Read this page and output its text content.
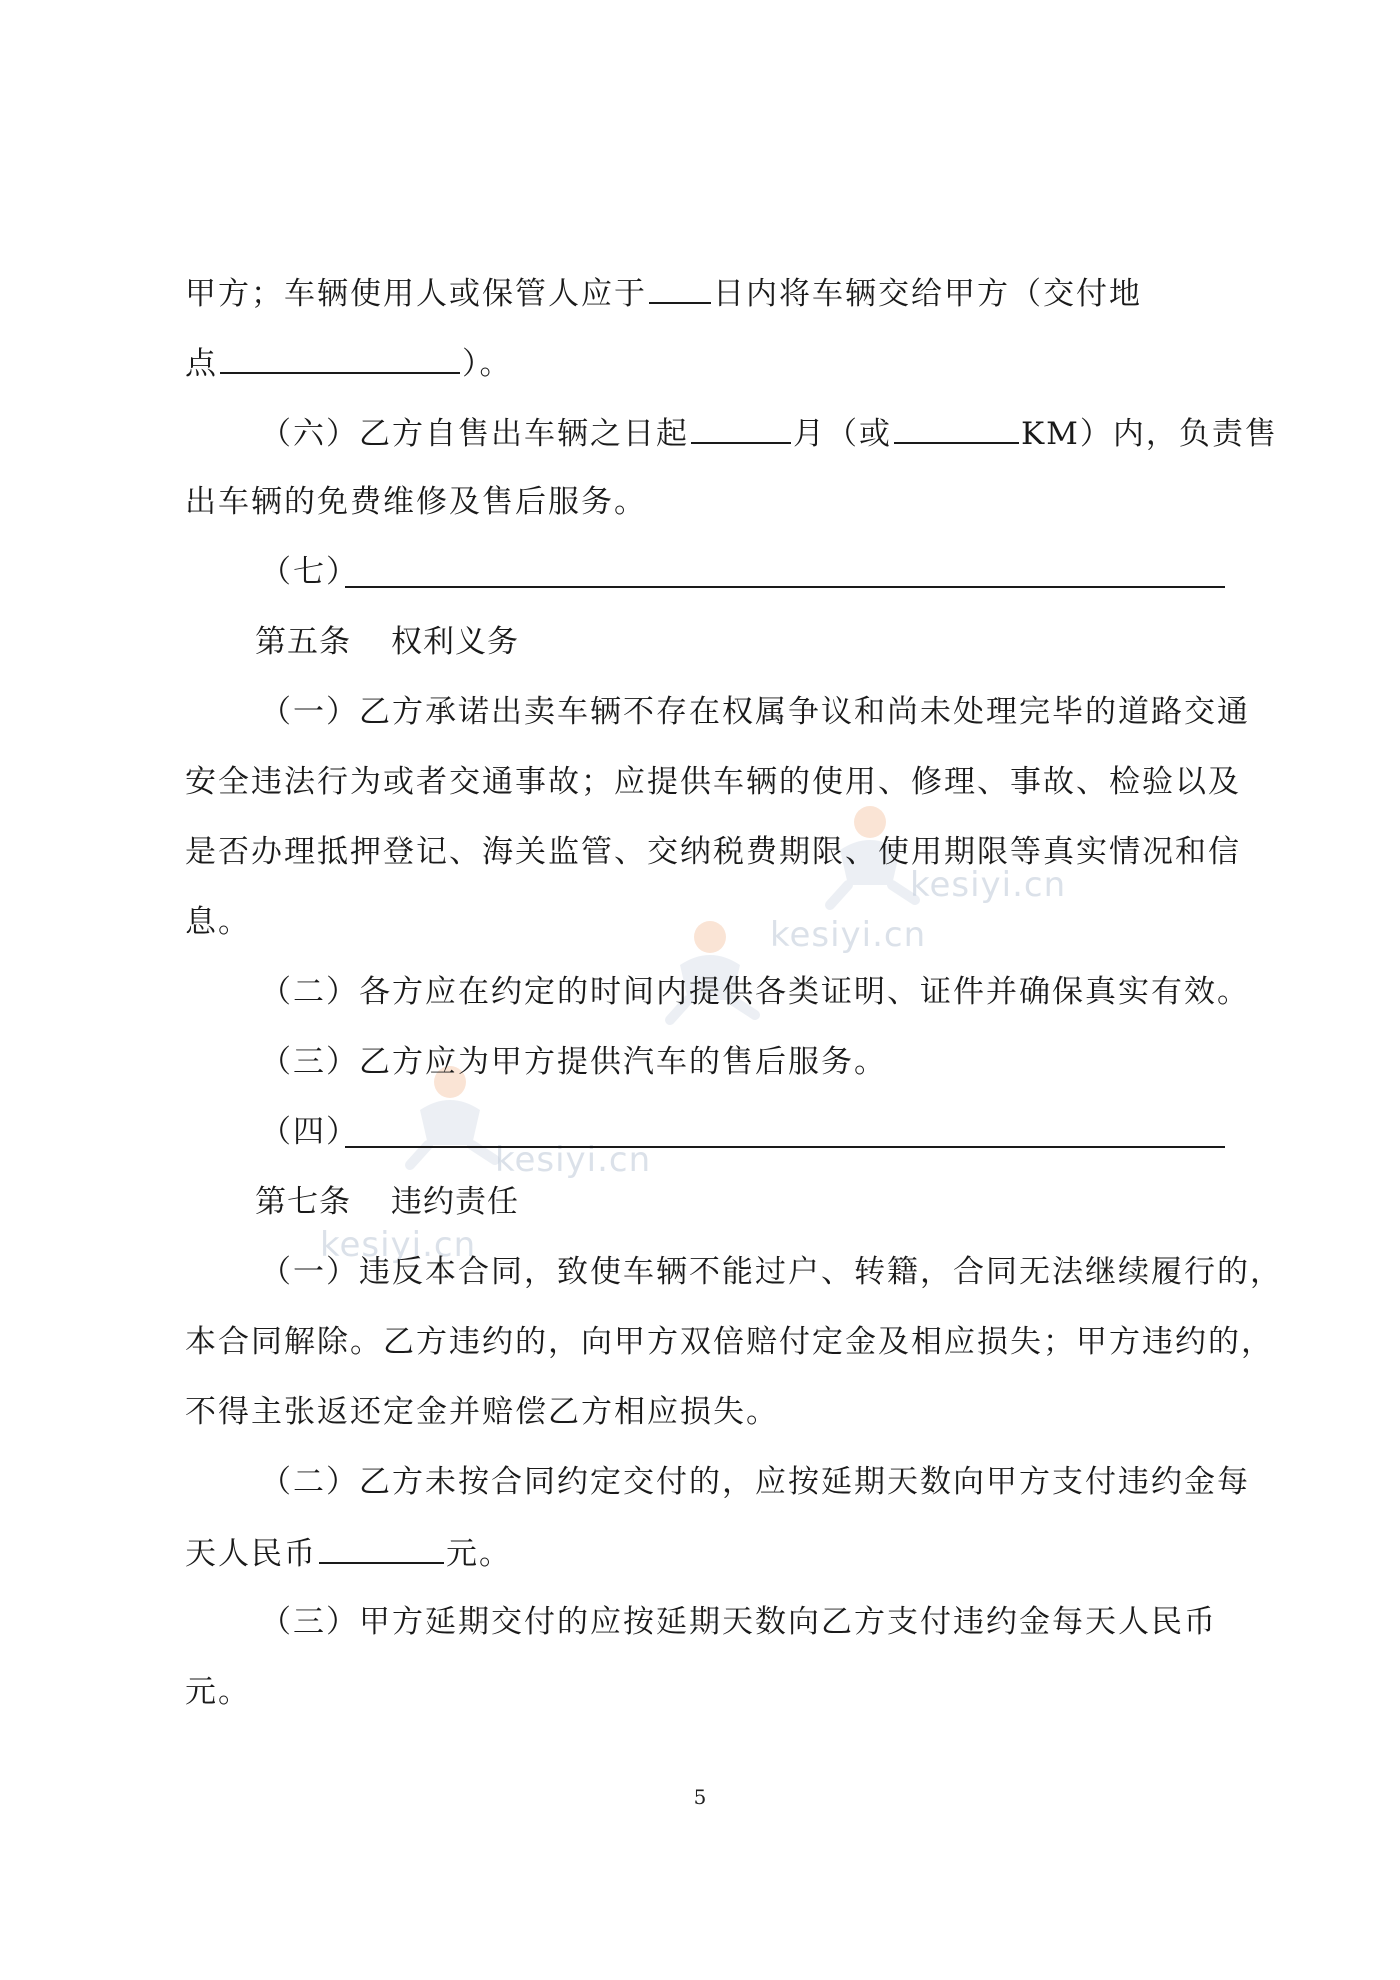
kesiyi.cn
kesiyi.cn
kesiyi.cn
kesiyi.cn
甲方；车辆使用人或保管人应于 日内将车辆交给甲方（交付地
点	）。
（六）乙方自售出车辆之日起	月（或	KM）内，负责售
出车辆的免费维修及售后服务。
（七）
第五条 权利义务
（一）乙方承诺出卖车辆不存在权属争议和尚未处理完毕的道路交通
安全违法行为或者交通事故；应提供车辆的使用、修理、事故、检验以及
是否办理抵押登记、海关监管、交纳税费期限、使用期限等真实情况和信
息。
（二）各方应在约定的时间内提供各类证明、证件并确保真实有效。
（三）乙方应为甲方提供汽车的售后服务。
（四）
第七条 违约责任
（一）违反本合同，致使车辆不能过户、转籍，合同无法继续履行的，
本合同解除。乙方违约的，向甲方双倍赔付定金及相应损失；甲方违约的，
不得主张返还定金并赔偿乙方相应损失。
（二）乙方未按合同约定交付的，应按延期天数向甲方支付违约金每
天人民币	元。
（三）甲方延期交付的应按延期天数向乙方支付违约金每天人民币
元。
5
